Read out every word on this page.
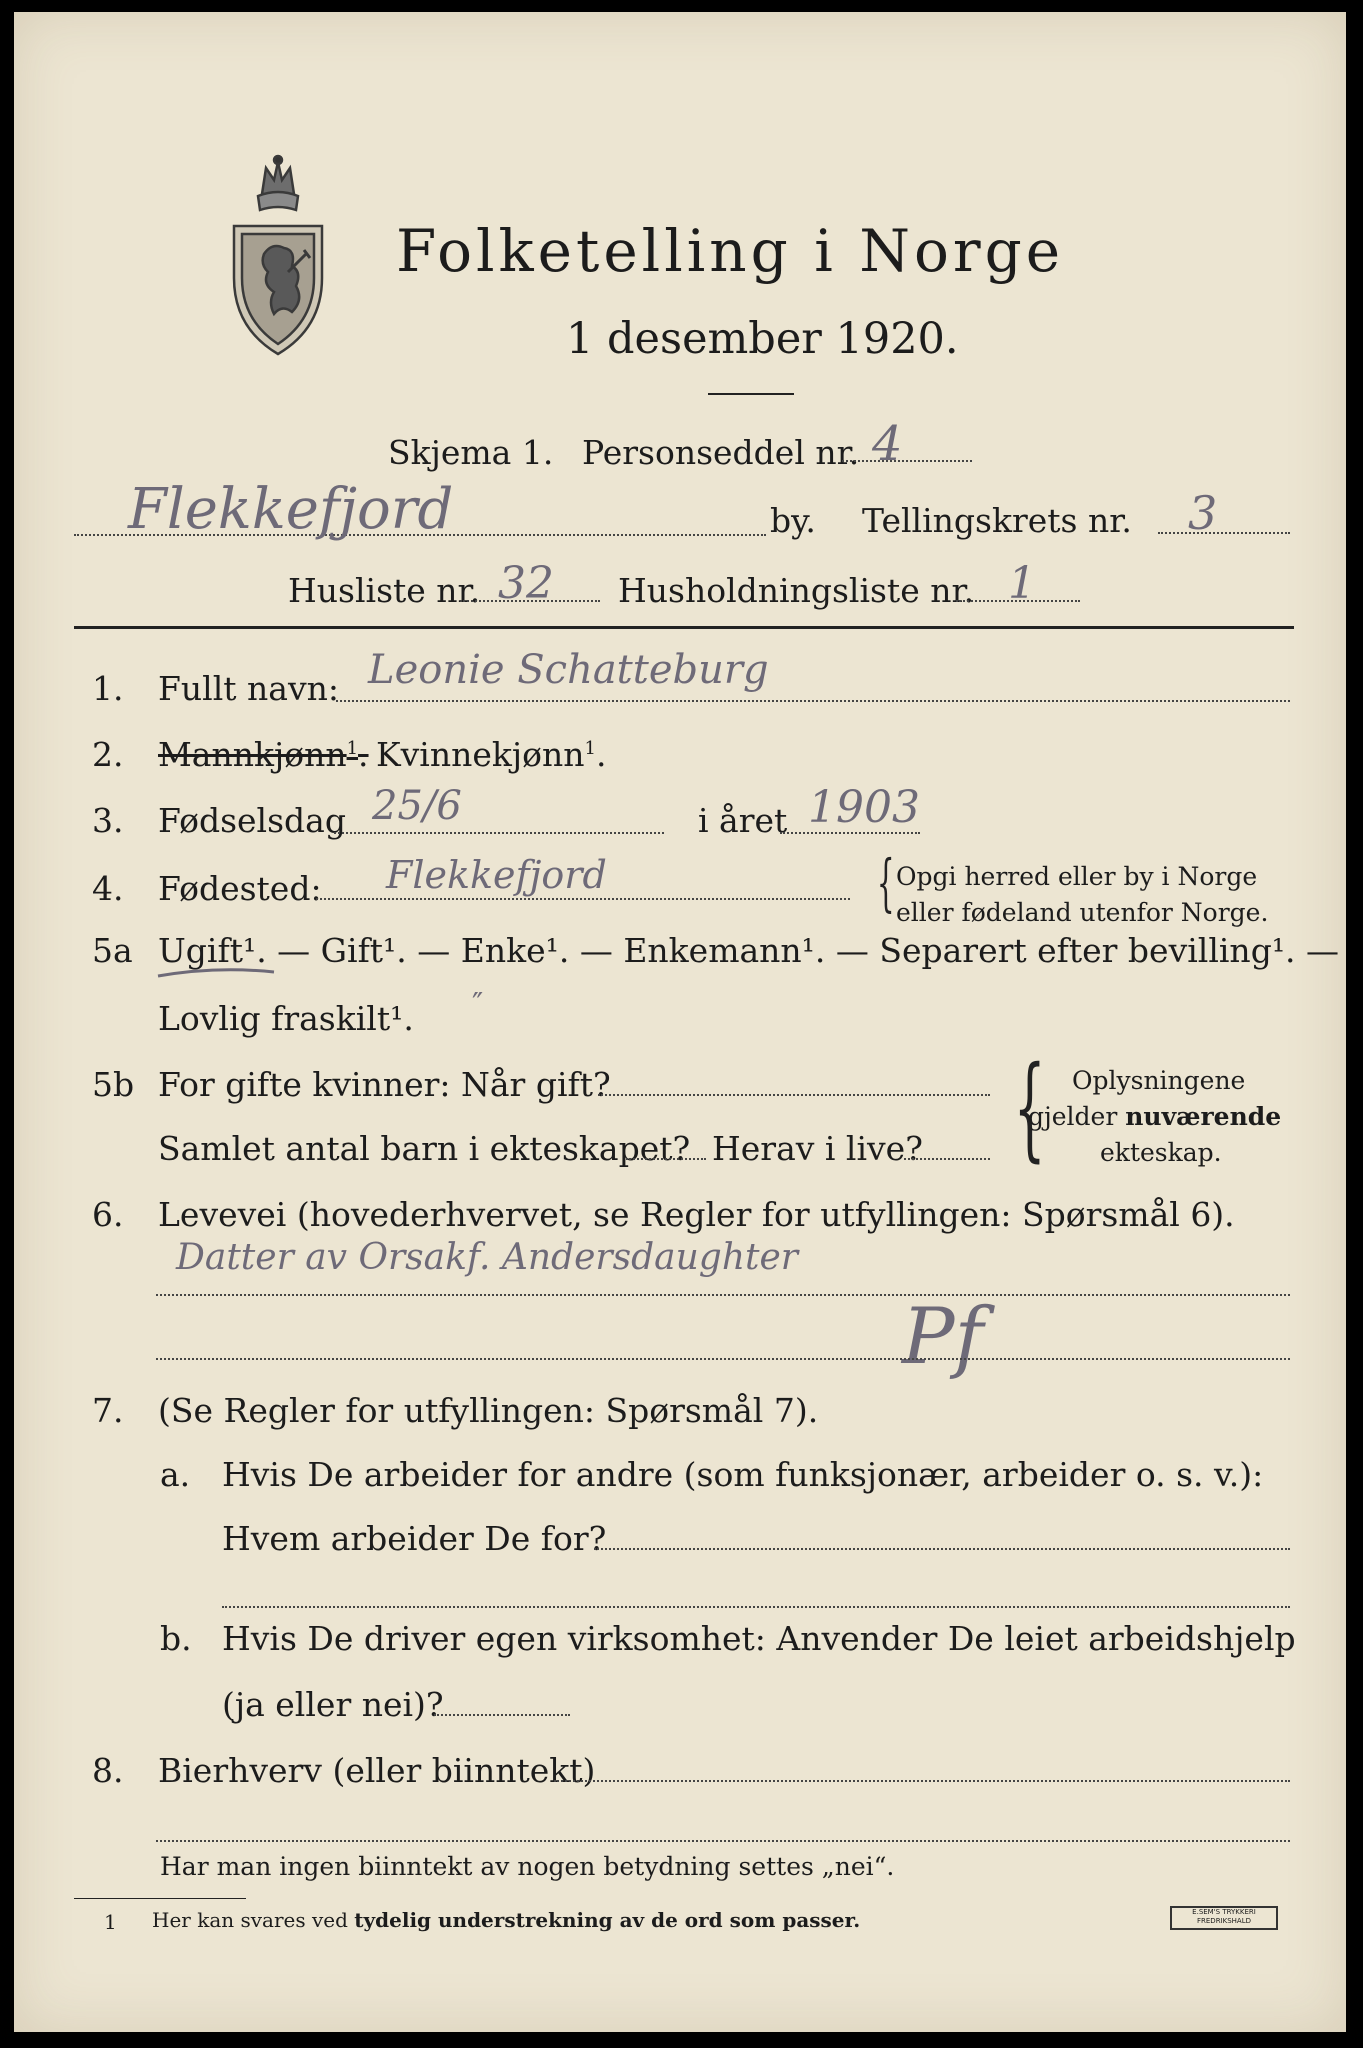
Folketelling i Norge
1 desember 1920.
Skjema 1. Personseddel nr. 4
Flekkefjord	by. Tellingskrets nr. 3
Husliste nr. 32 Husholdningsliste nr. 1
1. Fullt navn: Leonie Schatteburg
2. Mannkjønn$^1$. Kvinnekjønn$^1$.
3. Fødselsdag 25/6	i året 1903
4. Fødested: Flekkefjord	{ Opgi herred eller by i Norge
eller fødeland utenfor Norge.
5a Ugift¹. — Gift¹. — Enke¹. — Enkemann¹. — Separert efter bevilling¹. —
Lovlig fraskilt¹.
5b For gifte kvinner: Når gift?
Samlet antal barn i ekteskapet? Herav i live? { Oplysningene
gjelder nuværende
ekteskap.
6. Levevei (hovederhvervet, se Regler for utfyllingen: Spørsmål 6).
Datter av Orsakf. Andersdaughter
″
Pf
7. (Se Regler for utfyllingen: Spørsmål 7).
a. Hvis De arbeider for andre (som funksjonær, arbeider o. s. v.):
Hvem arbeider De for?
b. Hvis De driver egen virksomhet: Anvender De leiet arbeidshjelp
(ja eller nei)?
8. Bierhverv (eller biinntekt)
Har man ingen biinntekt av nogen betydning settes „nei“.
1 Her kan svares ved tydelig understrekning av de ord som passer.	E.SEM'S TRYKKERI
FREDRIKSHALD
